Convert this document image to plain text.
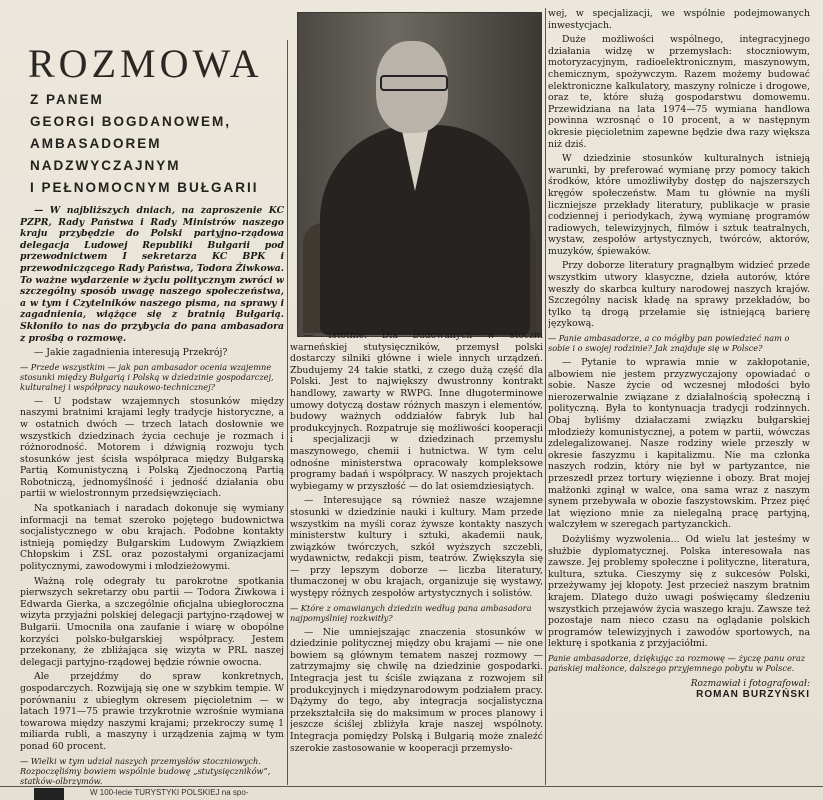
ROZMOWA
Z PANEM
GEORGI BOGDANOWEM,
AMBASADOREM NADZWYCZAJNYM
I PEŁNOMOCNYM BUŁGARII

— W najbliższych dniach, na zaproszenie KC PZPR, Rady Państwa i Rady Ministrów naszego kraju przybędzie do Polski partyjno-rządowa delegacja Ludowej Republiki Bułgarii pod przewodnictwem I sekretarza KC BPK i przewodniczącego Rady Państwa, Todora Żiwkowa. To ważne wydarzenie w życiu politycznym zwróci w szczególny sposób uwagę naszego społeczeństwa, a w tym i Czytelników naszego pisma, na sprawy i zagadnienia, wiążące się z bratnią Bułgarią. Skłoniło to nas do przybycia do pana ambasadora z prośbą o rozmowę.

— Jakie zagadnienia interesują Przekrój?

— Przede wszystkim — jak pan ambasador ocenia wzajemne stosunki między Bułgarią i Polską w dziedzinie gospodarczej, kulturalnej i współpracy naukowo-technicznej?

— U podstaw wzajemnych stosunków między naszymi bratnimi krajami legły tradycje historyczne, a w ostatnich dwóch — trzech latach dosłownie we wszystkich dziedzinach życia cechuje je rozmach i różnorodność. Motorem i dźwignią rozwoju tych stosunków jest ścisła współpraca między Bułgarską Partią Komunistyczną i Polską Zjednoczoną Partią Robotniczą, jednomyślność i jedność działania obu partii w wielostronnym przedsięwzięciach.

Na spotkaniach i naradach dokonuje się wymiany informacji na temat szeroko pojętego budownictwa socjalistycznego w obu krajach. Podobne kontakty istnieją pomiędzy Bułgarskim Ludowym Związkiem Chłopskim i ZSL oraz pozostałymi organizacjami politycznymi, zawodowymi i młodzieżowymi.

Ważną rolę odegrały tu parokrotne spotkania pierwszych sekretarzy obu partii — Todora Żiwkowa i Edwarda Gierka, a szczególnie oficjalna ubiegłoroczna wizyta przyjaźni polskiej delegacji partyjno-rządowej w Bułgarii. Umocniła ona zaufanie i wiarę w obopólne korzyści polsko-bułgarskiej współpracy. Jestem przekonany, że zbliżająca się wizyta w PRL naszej delegacji partyjno-rządowej będzie równie owocna.

Ale przejdźmy do spraw konkretnych, gospodarczych. Rozwijają się one w szybkim tempie. W porównaniu z ubiegłym okresem pięcioletnim — w latach 1971—75 prawie trzykrotnie wzrośnie wymiana towarowa między naszymi krajami; przekroczy sumę 1 miliarda rubli, a maszyny i urządzenia zajmą w tym ponad 60 procent.

— Wielki w tym udział naszych przemysłów stoczniowych. Rozpoczęliśmy bowiem wspólnie budowę „stutysięczników”, statków-olbrzymów.

— Istotnie. Dla budowanych w stoczni warneńskiej stutysięczników, przemysł polski dostarczy silniki główne i wiele innych urządzeń. Zbudujemy 24 takie statki, z czego dużą część dla Polski. Jest to największy dwustronny kontrakt handlowy, zawarty w RWPG. Inne długoterminowe umowy dotyczą dostaw różnych maszyn i elementów, budowy ważnych oddziałów fabryk lub hal produkcyjnych. Rozpatruje się możliwości kooperacji i specjalizacji w dziedzinach przemysłu maszynowego, chemii i hutnictwa. W tym celu odnośne ministerstwa opracowały kompleksowe programy badań i współpracy. W naszych projektach wybiegamy w przyszłość — do lat osiemdziesiątych.

— Interesujące są również nasze wzajemne stosunki w dziedzinie nauki i kultury. Mam przede wszystkim na myśli coraz żywsze kontakty naszych ministerstw kultury i sztuki, akademii nauk, związków twórczych, szkół wyższych szczebli, wydawnictw, redakcji pism, teatrów. Zwiększyła się — przy lepszym doborze — liczba literatury, tłumaczonej w obu krajach, organizuje się wystawy, występy różnych zespołów artystycznych i solistów.

— Które z omawianych dziedzin według pana ambasadora najpomyślniej rozkwitły?

— Nie umniejszając znaczenia stosunków w dziedzinie politycznej między obu krajami — nie one bowiem są głównym tematem naszej rozmowy — zatrzymajmy się chwilę na dziedzinie gospodarki. Integracja jest tu ściśle związana z rozwojem sił produkcyjnych i międzynarodowym podziałem pracy. Dążymy do tego, aby integracja socjalistyczna przekształciła się do maksimum w proces planowy i jeszcze ściślej zbliżyła kraje naszej wspólnoty. Integracja pomiędzy Polską i Bułgarią może znaleźć szerokie zastosowanie w kooperacji przemysło-

wej, w specjalizacji, we wspólnie podejmowanych inwestycjach.

Duże możliwości wspólnego, integracyjnego działania widzę w przemysłach: stoczniowym, motoryzacyjnym, radioelektronicznym, maszynowym, chemicznym, spożywczym. Razem możemy budować elektroniczne kalkulatory, maszyny rolnicze i drogowe, oraz te, które służą gospodarstwu domowemu. Przewidziana na lata 1974—75 wymiana handlowa powinna wzrosnąć o 10 procent, a w następnym okresie pięcioletnim zapewne będzie dwa razy większa niż dziś.

W dziedzinie stosunków kulturalnych istnieją warunki, by preferować wymianę przy pomocy takich środków, które umożliwiłyby dostęp do najszerszych kręgów społeczeństw. Mam tu głównie na myśli liczniejsze przekłady literatury, publikacje w prasie codziennej i periodykach, żywą wymianę programów radiowych, telewizyjnych, filmów i sztuk teatralnych, wystaw, zespołów artystycznych, twórców, aktorów, muzyków, śpiewaków.

Przy doborze literatury pragnąłbym widzieć przede wszystkim utwory klasyczne, dzieła autorów, które weszły do skarbca kultury narodowej naszych krajów. Szczególny nacisk kładę na sprawy przekładów, bo tylko tą drogą przełamie się istniejącą barierę językową.

— Panie ambasadorze, a co mógłby pan powiedzieć nam o sobie i o swojej rodzinie? Jak znajduje się w Polsce?

— Pytanie to wprawia mnie w zakłopotanie, albowiem nie jestem przyzwyczajony opowiadać o sobie. Nasze życie od wczesnej młodości było nierozerwalnie związane z działalnością społeczną i polityczną. Była to kontynuacja tradycji rodzinnych. Obaj byliśmy działaczami związku bułgarskiej młodzieży komunistycznej, a potem w partii, wówczas zdelegalizowanej. Nasze rodziny wiele przeszły w okresie faszyzmu i kapitalizmu. Nie ma członka naszych rodzin, który nie był w partyzantce, nie przeszedł przez tortury więzienne i obozy. Brat mojej małżonki zginął w walce, ona sama wraz z naszym synem przebywała w obozie faszystowskim. Przez pięć lat więziono mnie za nielegalną pracę partyjną, walczyłem w szeregach partyzanckich.

Dożyliśmy wyzwolenia... Od wielu lat jesteśmy w służbie dyplomatycznej. Polska interesowała nas zawsze. Jej problemy społeczne i polityczne, literatura, kultura, sztuka. Cieszymy się z sukcesów Polski, przeżywamy jej kłopoty. Jest przecież naszym bratnim krajem. Dlatego dużo uwagi poświęcamy śledzeniu wszystkich przejawów życia waszego kraju. Zawsze też pozostaje nam nieco czasu na oglądanie polskich programów telewizyjnych i zawodów sportowych, na lekturę i spotkania z przyjaciółmi.

Panie ambasadorze, dziękując za rozmowę — życzę panu oraz pańskiej małżonce, dalszego przyjemnego pobytu w Polsce.
Rozmawiał i fotografował:
ROMAN BURZYŃSKI
W 100-lecie TURYSTYKI POLSKIEJ na spo-
